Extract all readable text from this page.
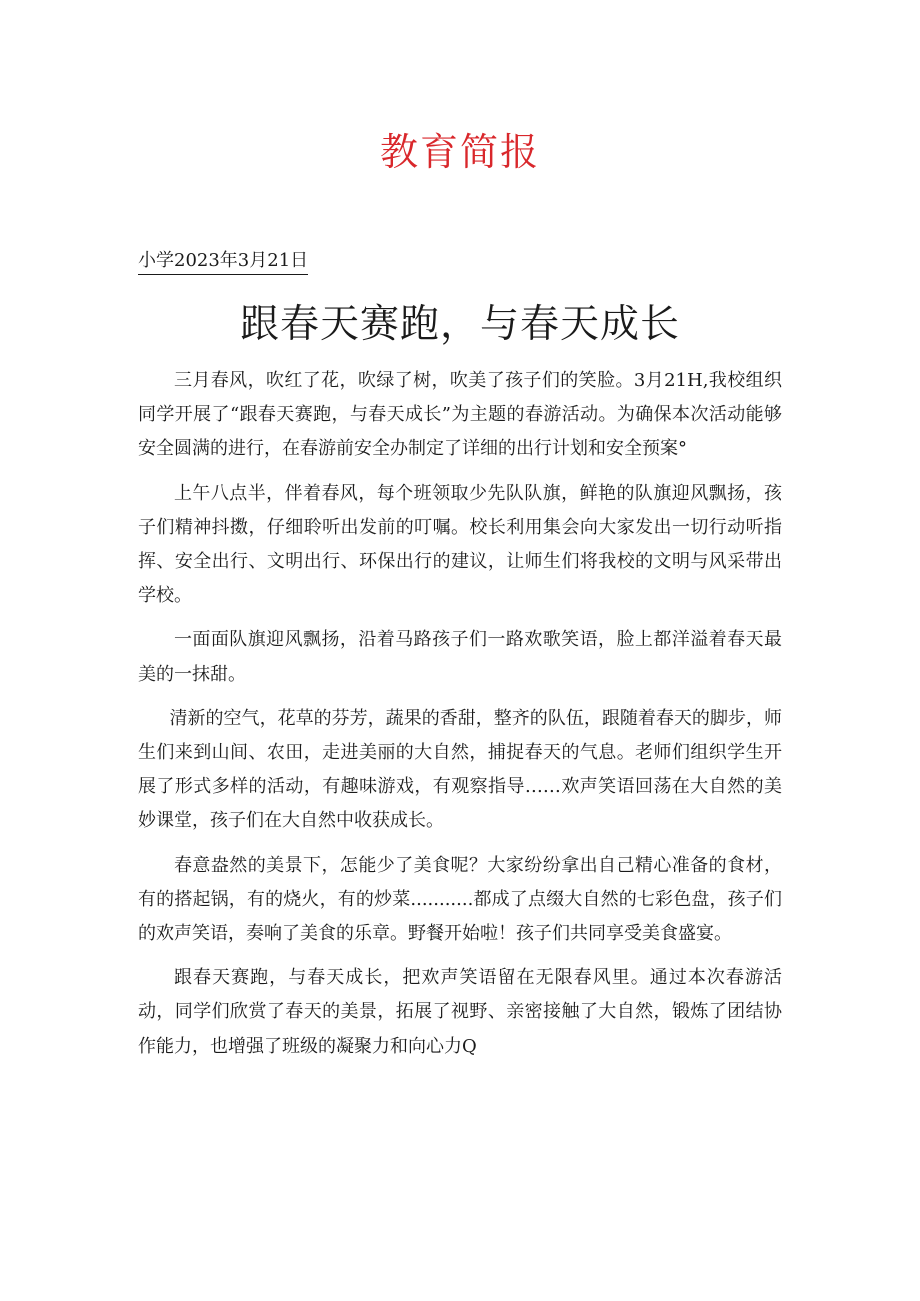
教育简报
小学2023年3月21日
跟春天赛跑，与春天成长

三月春风，吹红了花，吹绿了树，吹美了孩子们的笑脸。3月21H,我校组织同学开展了“跟春天赛跑，与春天成长”为主题的春游活动。为确保本次活动能够安全圆满的进行，在春游前安全办制定了详细的出行计划和安全预案°

上午八点半，伴着春风，每个班领取少先队队旗，鲜艳的队旗迎风飘扬，孩子们精神抖擞，仔细聆听出发前的叮嘱。校长利用集会向大家发出一切行动听指挥、安全出行、文明出行、环保出行的建议，让师生们将我校的文明与风采带出学校。

一面面队旗迎风飘扬，沿着马路孩子们一路欢歌笑语，脸上都洋溢着春天最美的一抹甜。

清新的空气，花草的芬芳，蔬果的香甜，整齐的队伍，跟随着春天的脚步，师生们来到山间、农田，走进美丽的大自然，捕捉春天的气息。老师们组织学生开展了形式多样的活动，有趣味游戏，有观察指导……欢声笑语回荡在大自然的美妙课堂，孩子们在大自然中收获成长。

春意盎然的美景下，怎能少了美食呢？大家纷纷拿出自己精心准备的食材，有的搭起锅，有的烧火，有的炒菜...........都成了点缀大自然的七彩色盘，孩子们的欢声笑语，奏响了美食的乐章。野餐开始啦！孩子们共同享受美食盛宴。

跟春天赛跑，与春天成长，把欢声笑语留在无限春风里。通过本次春游活动，同学们欣赏了春天的美景，拓展了视野、亲密接触了大自然，锻炼了团结协作能力，也增强了班级的凝聚力和向心力Q
